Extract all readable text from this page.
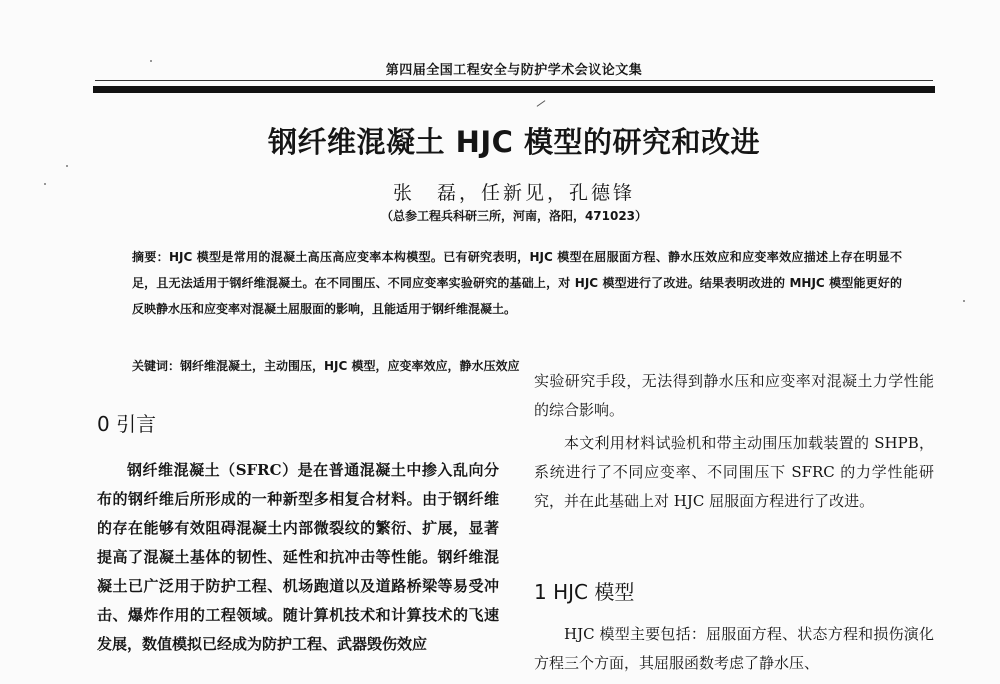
第四届全国工程安全与防护学术会议论文集
钢纤维混凝土 HJC 模型的研究和改进
张　磊，任新见，孔德锋
（总参工程兵科研三所，河南，洛阳，471023）
摘要：HJC 模型是常用的混凝土高压高应变率本构模型。已有研究表明，HJC 模型在屈服面方程、静水压效应和应变率效应描述上存在明显不足，且无法适用于钢纤维混凝土。在不同围压、不同应变率实验研究的基础上，对 HJC 模型进行了改进。结果表明改进的 MHJC 模型能更好的反映静水压和应变率对混凝土屈服面的影响，且能适用于钢纤维混凝土。
关键词：钢纤维混凝土，主动围压，HJC 模型，应变率效应，静水压效应
0 引言

钢纤维混凝土（SFRC）是在普通混凝土中掺入乱向分布的钢纤维后所形成的一种新型多相复合材料。由于钢纤维的存在能够有效阻碍混凝土内部微裂纹的繁衍、扩展，显著提高了混凝土基体的韧性、延性和抗冲击等性能。钢纤维混凝土已广泛用于防护工程、机场跑道以及道路桥梁等易受冲击、爆炸作用的工程领域。随计算机技术和计算技术的飞速发展，数值模拟已经成为防护工程、武器毁伤效应

实验研究手段，无法得到静水压和应变率对混凝土力学性能的综合影响。

本文利用材料试验机和带主动围压加载装置的 SHPB，系统进行了不同应变率、不同围压下 SFRC 的力学性能研究，并在此基础上对 HJC 屈服面方程进行了改进。

1 HJC 模型

HJC 模型主要包括：屈服面方程、状态方程和损伤演化方程三个方面，其屈服函数考虑了静水压、
